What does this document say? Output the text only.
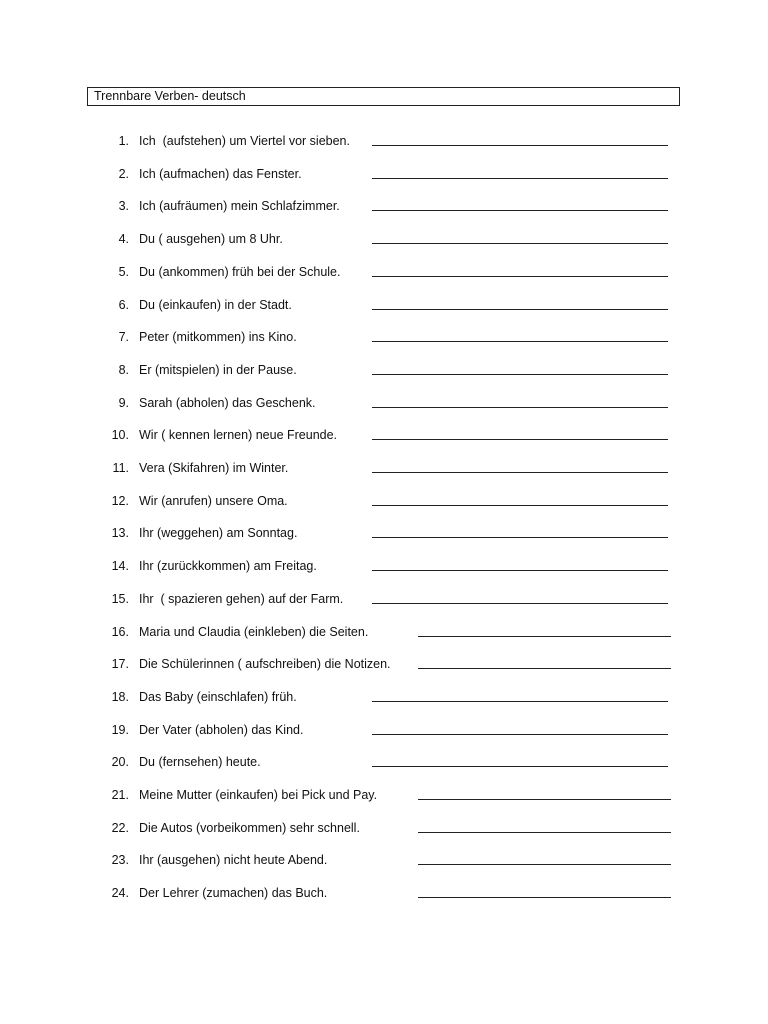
Trennbare Verben- deutsch
1. Ich  (aufstehen) um Viertel vor sieben.
2. Ich (aufmachen) das Fenster.
3. Ich (aufräumen) mein Schlafzimmer.
4. Du ( ausgehen) um 8 Uhr.
5. Du (ankommen) früh bei der Schule.
6. Du (einkaufen) in der Stadt.
7. Peter (mitkommen) ins Kino.
8. Er (mitspielen) in der Pause.
9. Sarah (abholen) das Geschenk.
10. Wir ( kennen lernen) neue Freunde.
11. Vera (Skifahren) im Winter.
12. Wir (anrufen) unsere Oma.
13. Ihr (weggehen) am Sonntag.
14. Ihr (zurückkommen) am Freitag.
15. Ihr  ( spazieren gehen) auf der Farm.
16. Maria und Claudia (einkleben) die Seiten.
17. Die Schülerinnen ( aufschreiben) die Notizen.
18. Das Baby (einschlafen) früh.
19. Der Vater (abholen) das Kind.
20. Du (fernsehen) heute.
21. Meine Mutter (einkaufen) bei Pick und Pay.
22. Die Autos (vorbeikommen) sehr schnell.
23. Ihr (ausgehen) nicht heute Abend.
24. Der Lehrer (zumachen) das Buch.
